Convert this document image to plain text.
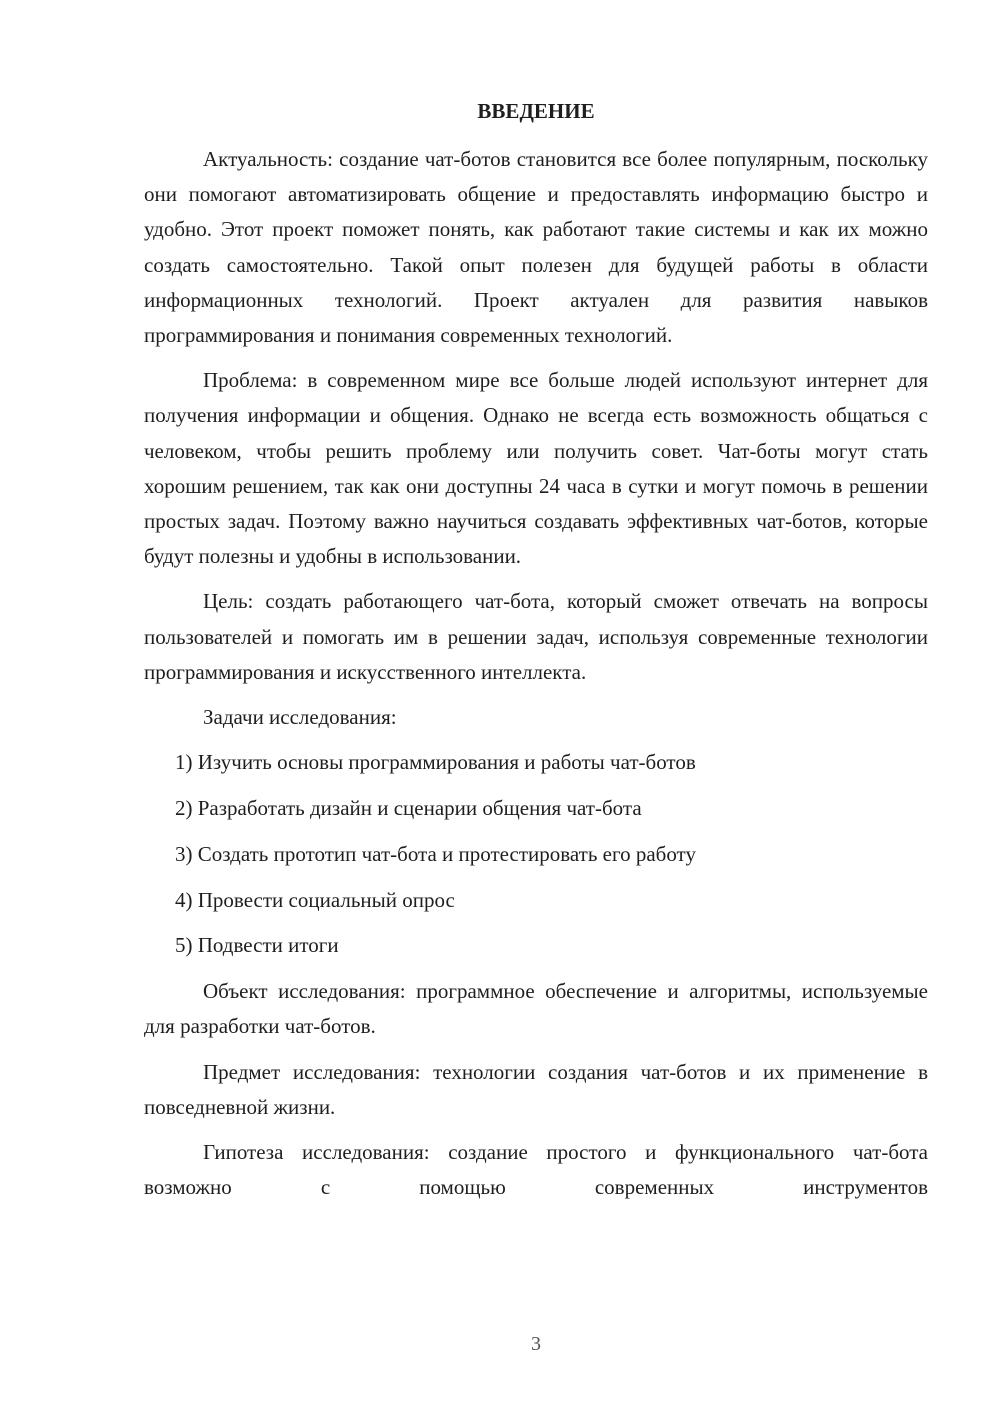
ВВЕДЕНИЕ

Актуальность: создание чат-ботов становится все более популярным, поскольку они помогают автоматизировать общение и предоставлять информацию быстро и удобно. Этот проект поможет понять, как работают такие системы и как их можно создать самостоятельно. Такой опыт полезен для будущей работы в области информационных технологий. Проект актуален для развития навыков программирования и понимания современных технологий.

Проблема: в современном мире все больше людей используют интернет для получения информации и общения. Однако не всегда есть возможность общаться с человеком, чтобы решить проблему или получить совет. Чат-боты могут стать хорошим решением, так как они доступны 24 часа в сутки и могут помочь в решении простых задач. Поэтому важно научиться создавать эффективных чат-ботов, которые будут полезны и удобны в использовании.

Цель: создать работающего чат-бота, который сможет отвечать на вопросы пользователей и помогать им в решении задач, используя современные технологии программирования и искусственного интеллекта.

Задачи исследования:

1) Изучить основы программирования и работы чат-ботов
2) Разработать дизайн и сценарии общения чат-бота
3) Создать прототип чат-бота и протестировать его работу
4) Провести социальный опрос
5) Подвести итоги

Объект исследования: программное обеспечение и алгоритмы, используемые для разработки чат-ботов.

Предмет исследования: технологии создания чат-ботов и их применение в повседневной жизни.

Гипотеза исследования: создание простого и функционального чат-бота возможно с помощью современных инструментов

3
